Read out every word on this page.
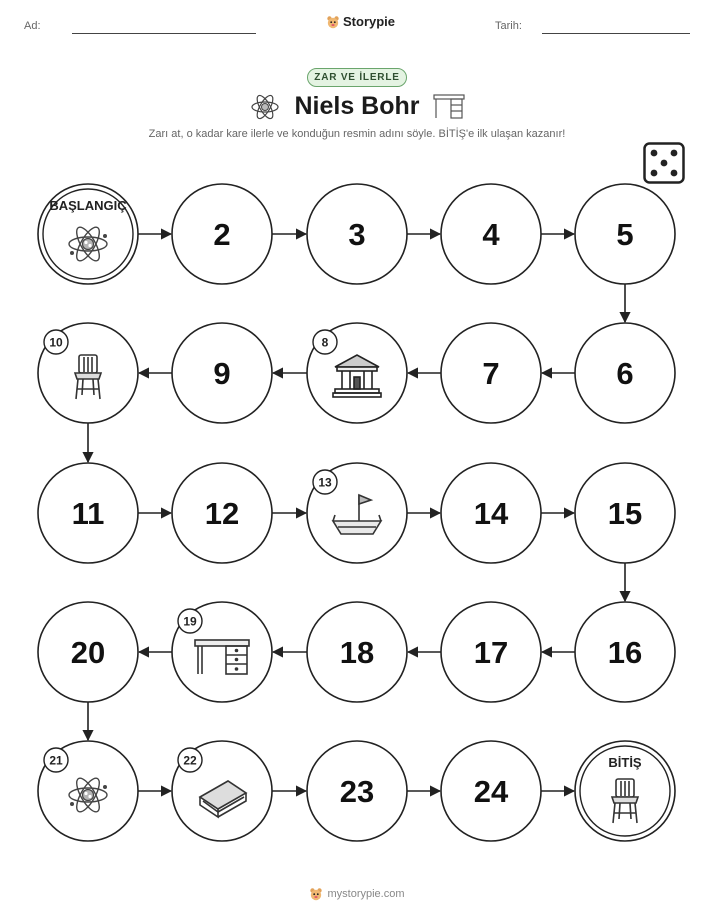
Ad:	Storypie	Tarih:
ZAR VE İLERLE
Niels Bohr
Zarı at, o kadar kare ilerle ve konduğun resmin adını söyle. BİTİŞ'e ilk ulaşan kazanır!
BAŞLANGIÇ
2	3	4	5
10
9
8
7	6
11	12
13
14	15
20
19
18	17	16
21	22
23	24
BİTİŞ
mystorypie.com
